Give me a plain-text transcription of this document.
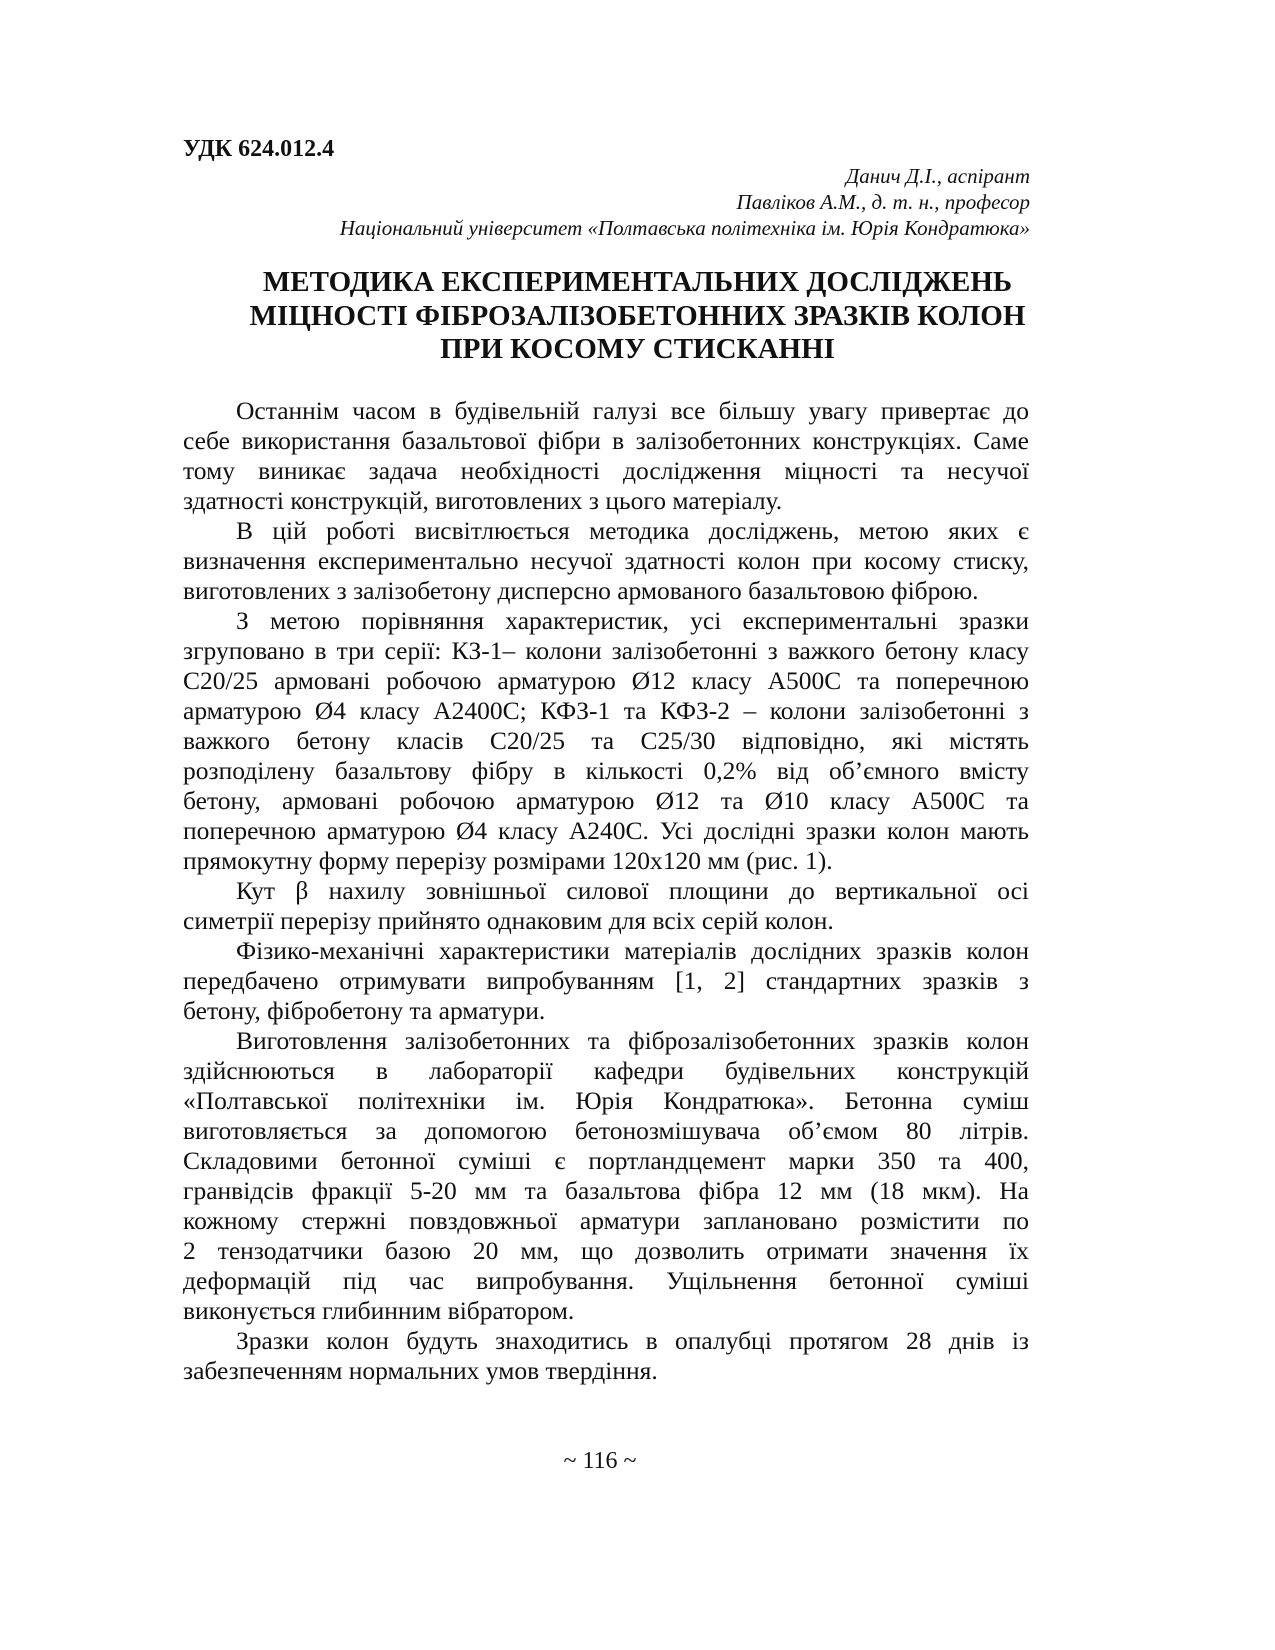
УДК 624.012.4
Данич Д.І., аспірант
Павліков А.М., д. т. н., професор
Національний університет «Полтавська політехніка ім. Юрія Кондратюка»
МЕТОДИКА ЕКСПЕРИМЕНТАЛЬНИХ ДОСЛІДЖЕНЬ
МІЦНОСТІ ФІБРОЗАЛІЗОБЕТОННИХ ЗРАЗКІВ КОЛОН
ПРИ КОСОМУ СТИСКАННІ
Останнім часом в будівельній галузі все більшу увагу привертає до
себе використання базальтової фібри в залізобетонних конструкціях. Саме
тому виникає задача необхідності дослідження міцності та несучої
здатності конструкцій, виготовлених з цього матеріалу.
В цій роботі висвітлюється методика досліджень, метою яких є
визначення експериментально несучої здатності колон при косому стиску,
виготовлених з залізобетону дисперсно армованого базальтовою фіброю.
З метою порівняння характеристик, усі експериментальні зразки
згруповано в три серії: КЗ-1– колони залізобетонні з важкого бетону класу
С20/25 армовані робочою арматурою Ø12 класу А500С та поперечною
арматурою Ø4 класу А2400С; КФЗ-1 та КФЗ-2 – колони залізобетонні з
важкого бетону класів С20/25 та С25/30 відповідно, які містять
розподілену базальтову фібру в кількості 0,2% від об’ємного вмісту
бетону, армовані робочою арматурою Ø12 та Ø10 класу А500С та
поперечною арматурою Ø4 класу А240С. Усі дослідні зразки колон мають
прямокутну форму перерізу розмірами 120х120 мм (рис. 1).
Кут β нахилу зовнішньої силової площини до вертикальної осі
симетрії перерізу прийнято однаковим для всіх серій колон.
Фізико-механічні характеристики матеріалів дослідних зразків колон
передбачено отримувати випробуванням [1, 2] стандартних зразків з
бетону, фібробетону та арматури.
Виготовлення залізобетонних та фіброзалізобетонних зразків колон
здійснюються в лабораторії кафедри будівельних конструкцій
«Полтавської політехніки ім. Юрія Кондратюка». Бетонна суміш
виготовляється за допомогою бетонозмішувача об’ємом 80 літрів.
Складовими бетонної суміші є портландцемент марки 350 та 400,
гранвідсів фракції 5-20 мм та базальтова фібра 12 мм (18 мкм). На
кожному стержні повздовжньої арматури заплановано розмістити по
2 тензодатчики базою 20 мм, що дозволить отримати значення їх
деформацій під час випробування. Ущільнення бетонної суміші
виконується глибинним вібратором.
Зразки колон будуть знаходитись в опалубці протягом 28 днів із
забезпеченням нормальних умов твердіння.
~ 116 ~
